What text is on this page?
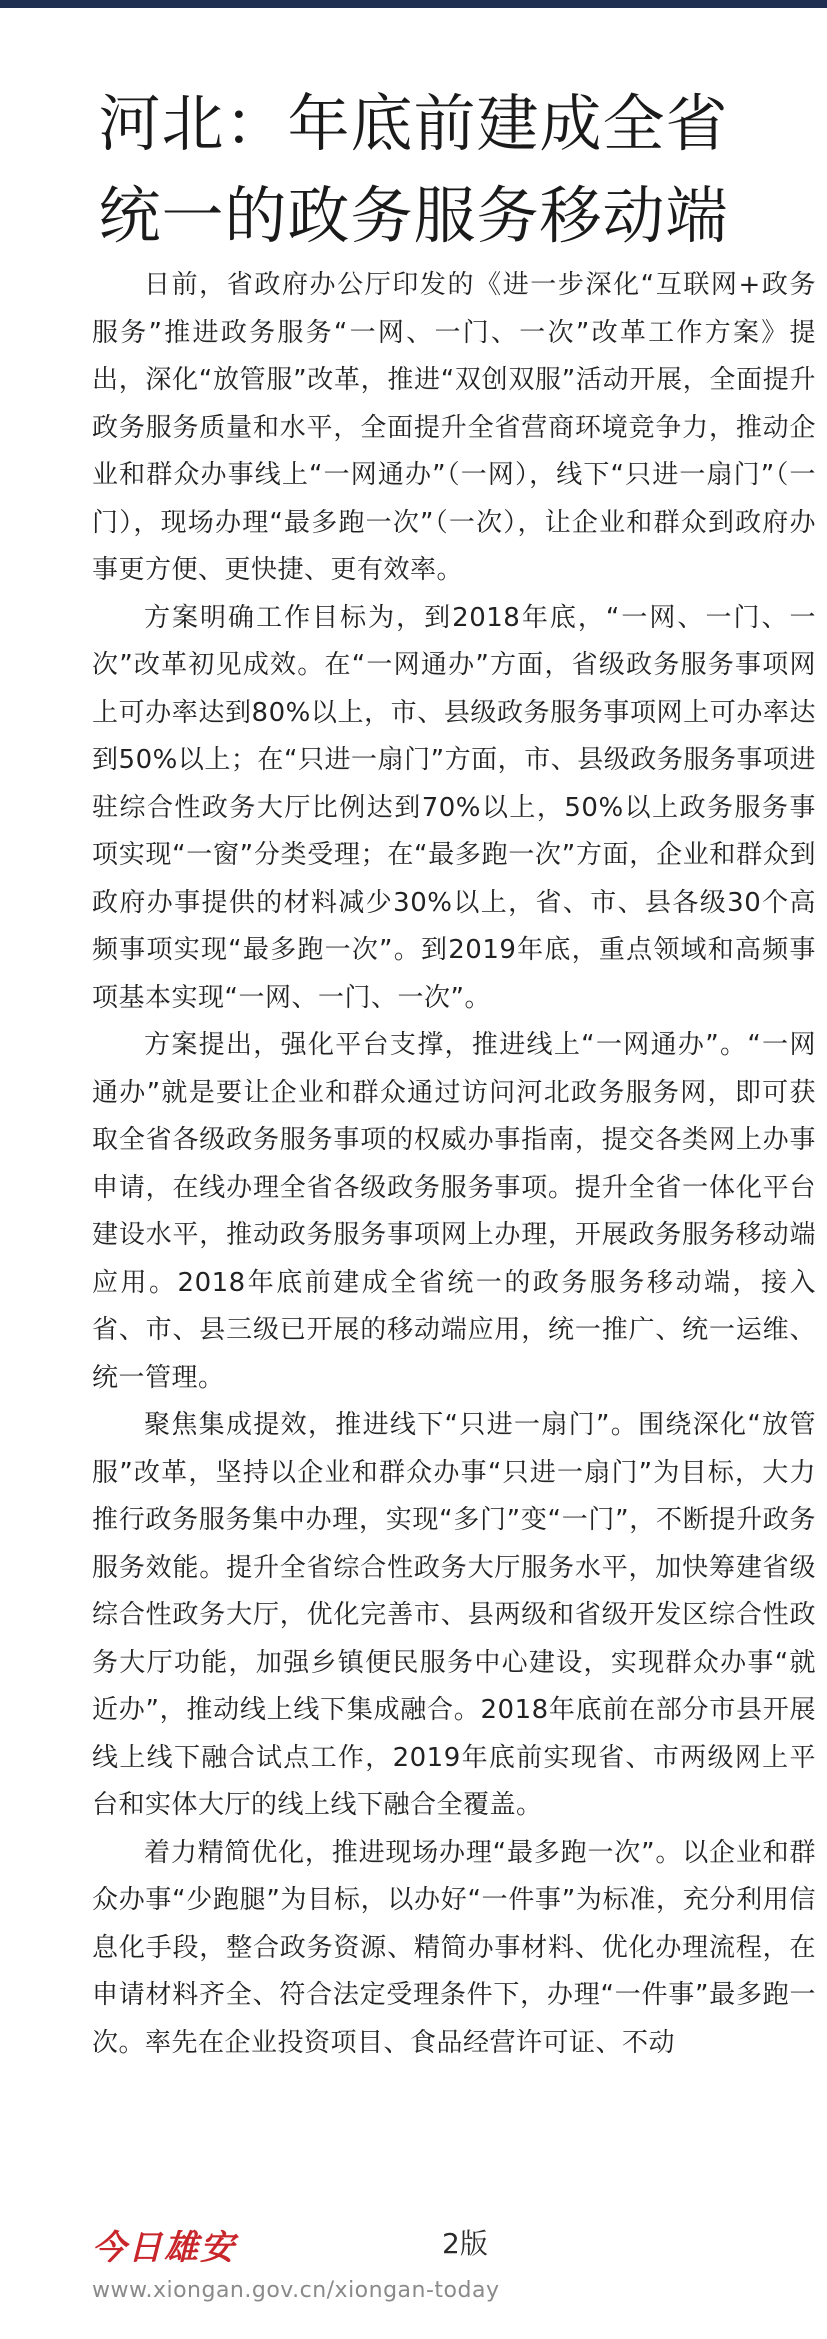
河北：年底前建成全省
统一的政务服务移动端

日前，省政府办公厅印发的《进一步深化“互联网+政务服务”推进政务服务“一网、一门、一次”改革工作方案》提出，深化“放管服”改革，推进“双创双服”活动开展，全面提升政务服务质量和水平，全面提升全省营商环境竞争力，推动企业和群众办事线上“一网通办”（一网），线下“只进一扇门”（一门），现场办理“最多跑一次”（一次），让企业和群众到政府办事更方便、更快捷、更有效率。

方案明确工作目标为，到2018年底，“一网、一门、一次”改革初见成效。在“一网通办”方面，省级政务服务事项网上可办率达到80%以上，市、县级政务服务事项网上可办率达到50%以上；在“只进一扇门”方面，市、县级政务服务事项进驻综合性政务大厅比例达到70%以上，50%以上政务服务事项实现“一窗”分类受理；在“最多跑一次”方面，企业和群众到政府办事提供的材料减少30%以上，省、市、县各级30个高频事项实现“最多跑一次”。到2019年底，重点领域和高频事项基本实现“一网、一门、一次”。

方案提出，强化平台支撑，推进线上“一网通办”。“一网通办”就是要让企业和群众通过访问河北政务服务网，即可获取全省各级政务服务事项的权威办事指南，提交各类网上办事申请，在线办理全省各级政务服务事项。提升全省一体化平台建设水平，推动政务服务事项网上办理，开展政务服务移动端应用。2018年底前建成全省统一的政务服务移动端，接入省、市、县三级已开展的移动端应用，统一推广、统一运维、统一管理。

聚焦集成提效，推进线下“只进一扇门”。围绕深化“放管服”改革，坚持以企业和群众办事“只进一扇门”为目标，大力推行政务服务集中办理，实现“多门”变“一门”，不断提升政务服务效能。提升全省综合性政务大厅服务水平，加快筹建省级综合性政务大厅，优化完善市、县两级和省级开发区综合性政务大厅功能，加强乡镇便民服务中心建设，实现群众办事“就近办”，推动线上线下集成融合。2018年底前在部分市县开展线上线下融合试点工作，2019年底前实现省、市两级网上平台和实体大厅的线上线下融合全覆盖。

着力精简优化，推进现场办理“最多跑一次”。以企业和群众办事“少跑腿”为目标，以办好“一件事”为标准，充分利用信息化手段，整合政务资源、精简办事材料、优化办理流程，在申请材料齐全、符合法定受理条件下，办理“一件事”最多跑一次。率先在企业投资项目、食品经营许可证、不动

今日雄安	2版
www.xiongan.gov.cn/xiongan-today
